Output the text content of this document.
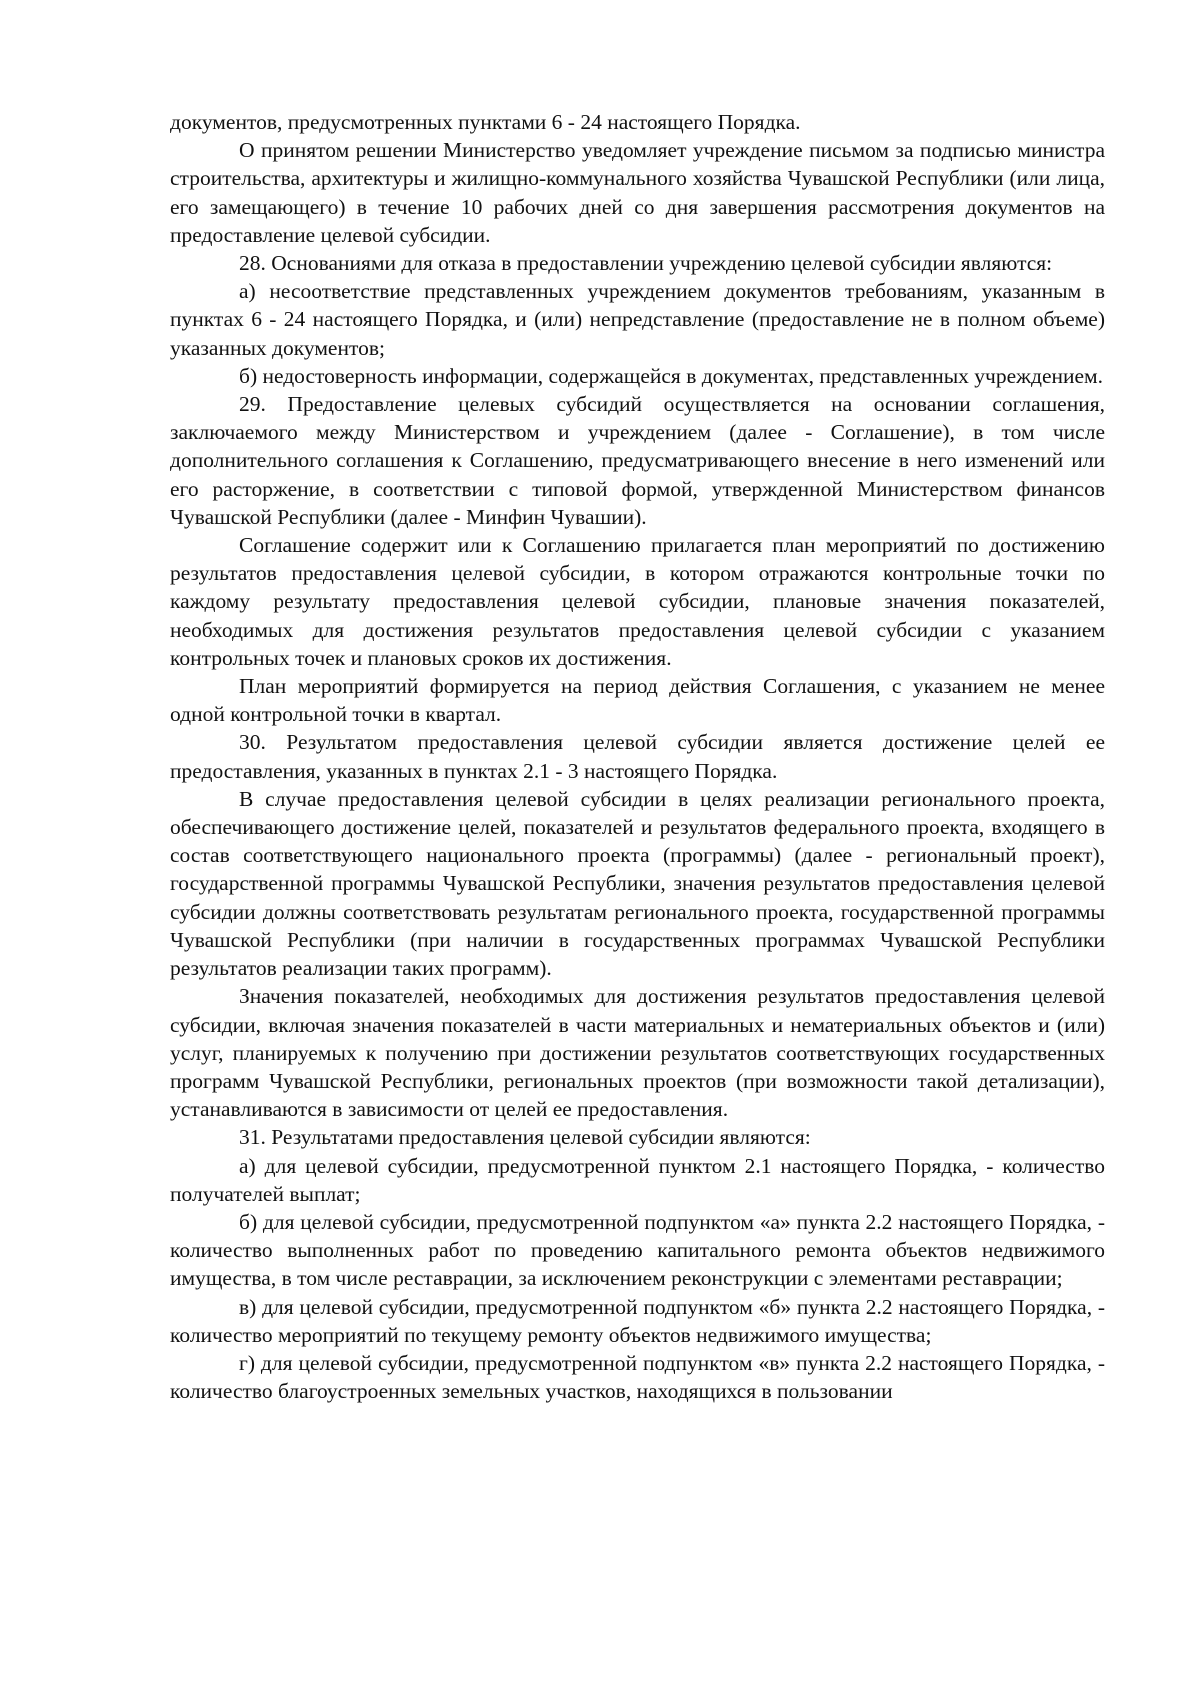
документов, предусмотренных пунктами 6 - 24 настоящего Порядка.

О принятом решении Министерство уведомляет учреждение письмом за подписью министра строительства, архитектуры и жилищно-коммунального хозяйства Чувашской Республики (или лица, его замещающего) в течение 10 рабочих дней со дня завершения рассмотрения документов на предоставление целевой субсидии.

28. Основаниями для отказа в предоставлении учреждению целевой субсидии являются:

а) несоответствие представленных учреждением документов требованиям, указанным в пунктах 6 - 24 настоящего Порядка, и (или) непредставление (предоставление не в полном объеме) указанных документов;

б) недостоверность информации, содержащейся в документах, представленных учреждением.

29. Предоставление целевых субсидий осуществляется на основании соглашения, заключаемого между Министерством и учреждением (далее - Соглашение), в том числе дополнительного соглашения к Соглашению, предусматривающего внесение в него изменений или его расторжение, в соответствии с типовой формой, утвержденной Министерством финансов Чувашской Республики (далее - Минфин Чувашии).

Соглашение содержит или к Соглашению прилагается план мероприятий по достижению результатов предоставления целевой субсидии, в котором отражаются контрольные точки по каждому результату предоставления целевой субсидии, плановые значения показателей, необходимых для достижения результатов предоставления целевой субсидии с указанием контрольных точек и плановых сроков их достижения.

План мероприятий формируется на период действия Соглашения, с указанием не менее одной контрольной точки в квартал.

30. Результатом предоставления целевой субсидии является достижение целей ее предоставления, указанных в пунктах 2.1 - 3 настоящего Порядка.

В случае предоставления целевой субсидии в целях реализации регионального проекта, обеспечивающего достижение целей, показателей и результатов федерального проекта, входящего в состав соответствующего национального проекта (программы) (далее - региональный проект), государственной программы Чувашской Республики, значения результатов предоставления целевой субсидии должны соответствовать результатам регионального проекта, государственной программы Чувашской Республики (при наличии в государственных программах Чувашской Республики результатов реализации таких программ).

Значения показателей, необходимых для достижения результатов предоставления целевой субсидии, включая значения показателей в части материальных и нематериальных объектов и (или) услуг, планируемых к получению при достижении результатов соответствующих государственных программ Чувашской Республики, региональных проектов (при возможности такой детализации), устанавливаются в зависимости от целей ее предоставления.

31. Результатами предоставления целевой субсидии являются:

а) для целевой субсидии, предусмотренной пунктом 2.1 настоящего Порядка, - количество получателей выплат;

б) для целевой субсидии, предусмотренной подпунктом «а» пункта 2.2 настоящего Порядка, - количество выполненных работ по проведению капитального ремонта объектов недвижимого имущества, в том числе реставрации, за исключением реконструкции с элементами реставрации;

в) для целевой субсидии, предусмотренной подпунктом «б» пункта 2.2 настоящего Порядка, - количество мероприятий по текущему ремонту объектов недвижимого имущества;

г) для целевой субсидии, предусмотренной подпунктом «в» пункта 2.2 настоящего Порядка, - количество благоустроенных земельных участков, находящихся в пользовании
